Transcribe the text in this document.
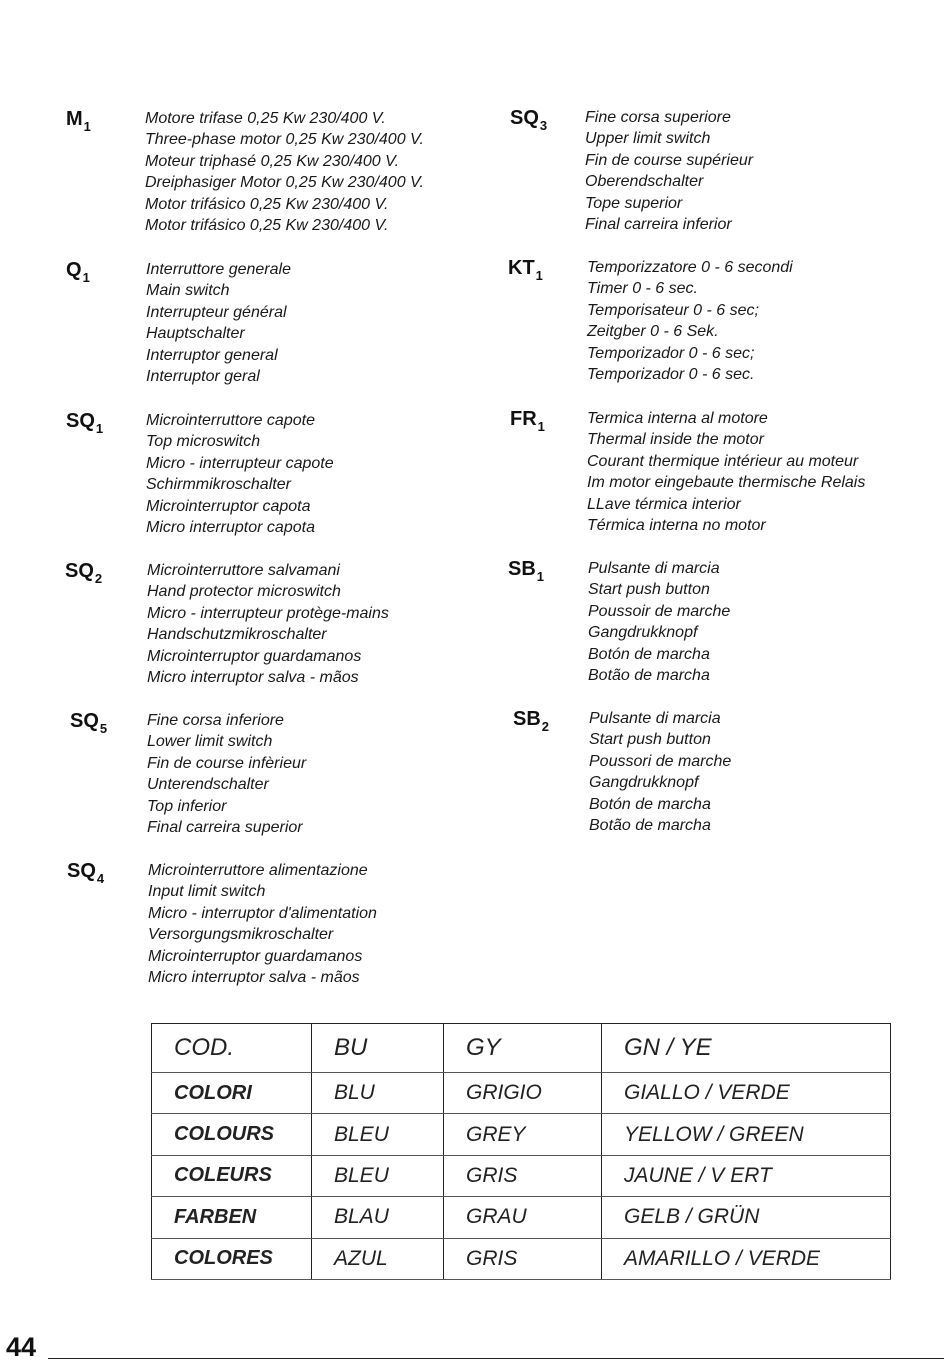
$M_1$	Motore trifase 0,25 Kw 230/400 V.
Three-phase motor 0,25 Kw 230/400 V.
Moteur triphasé 0,25 Kw 230/400 V.
Dreiphasiger Motor 0,25 Kw 230/400 V.
Motor trifásico 0,25 Kw 230/400 V.
Motor trifásico 0,25 Kw 230/400 V.
$Q_1$	Interruttore generale
Main switch
Interrupteur général
Hauptschalter
Interruptor general
Interruptor geral
$SQ_1$	Microinterruttore capote
Top microswitch
Micro - interrupteur capote
Schirmmikroschalter
Microinterruptor capota
Micro interruptor capota
$SQ_2$	Microinterruttore salvamani
Hand protector microswitch
Micro - interrupteur protège-mains
Handschutzmikroschalter
Microinterruptor guardamanos
Micro interruptor salva - mãos
$SQ_5$ Fine corsa inferiore
Lower limit switch
Fin de course infèrieur
Unterendschalter
Top inferior
Final carreira superior
$SQ_4$	Microinterruttore alimentazione
Input limit switch
Micro - interruptor d'alimentation
Versorgungsmikroschalter
Microinterruptor guardamanos
Micro interruptor salva - mãos
$SQ_3$ Fine corsa superiore
Upper limit switch
Fin de course supérieur
Oberendschalter
Tope superior
Final carreira inferior
$KT_1$	Temporizzatore 0 - 6 secondi
Timer 0 - 6 sec.
Temporisateur 0 - 6 sec;
Zeitgber 0 - 6 Sek.
Temporizador 0 - 6 sec;
Temporizador 0 - 6 sec.
$FR_1$	Termica interna al motore
Thermal inside the motor
Courant thermique intérieur au moteur
Im motor eingebaute thermische Relais
LLave térmica interior
Térmica interna no motor
$SB_1$	Pulsante di marcia
Start push button
Poussoir de marche
Gangdrukknopf
Botón de marcha
Botão de marcha
$SB_2$ Pulsante di marcia
Start push button
Poussori de marche
Gangdrukknopf
Botón de marcha
Botão de marcha
COD.	BU	GY	GN / YE
COLORI	BLU	GRIGIO	GIALLO / VERDE
COLOURS	BLEU	GREY	YELLOW / GREEN
COLEURS	BLEU	GRIS	JAUNE / V ERT
FARBEN	BLAU	GRAU	GELB / GRÜN
COLORES	AZUL	GRIS	AMARILLO / VERDE
44
